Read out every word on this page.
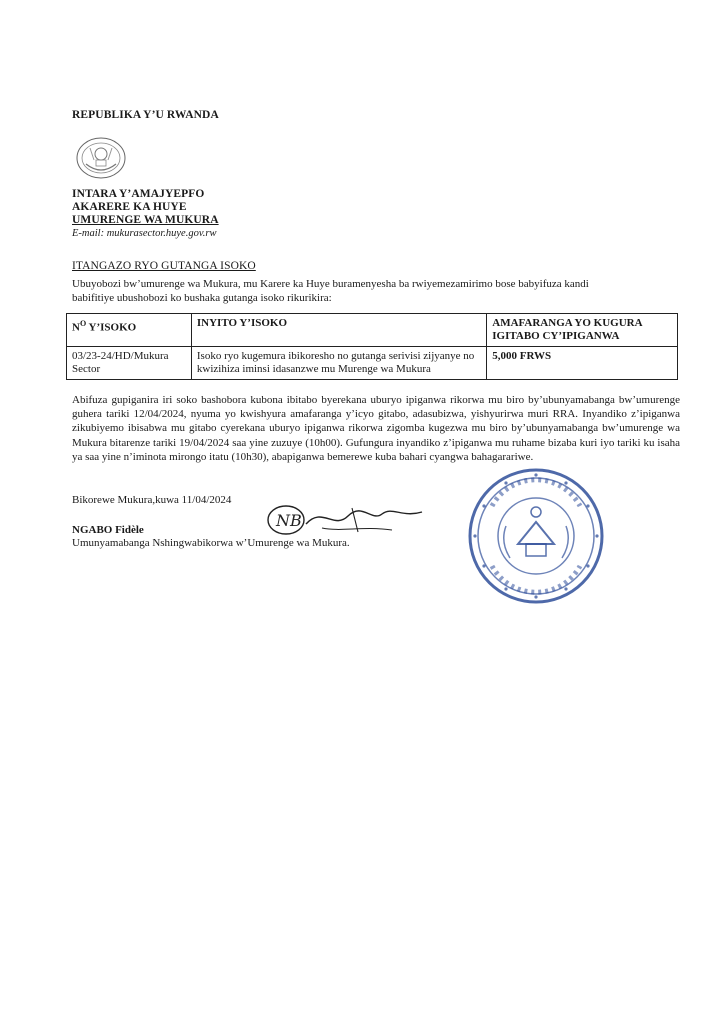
REPUBLIKA Y’U RWANDA
INTARA Y’AMAJYEPFO
AKARERE KA HUYE
UMURENGE WA MUKURA
E-mail: mukurasector.huye.gov.rw
ITANGAZO RYO GUTANGA ISOKO
Ubuyobozi bw’umurenge wa Mukura, mu Karere ka Huye buramenyesha ba rwiyemezamirimo bose babyifuza kandi babifitiye ubushobozi ko bushaka gutanga isoko rikurikira:
$N^O$ Y’ISOKO	INYITO Y’ISOKO	AMAFARANGA YO KUGURA IGITABO CY’IPIGANWA
03/23-24/HD/Mukura Sector	Isoko ryo kugemura ibikoresho no gutanga serivisi zijyanye no kwizihiza iminsi idasanzwe mu Murenge wa Mukura	5,000 FRWS
Abifuza gupiganira iri soko bashobora kubona ibitabo byerekana uburyo ipiganwa rikorwa mu biro by’ubunyamabanga bw’umurenge guhera tariki 12/04/2024, nyuma yo kwishyura amafaranga y’icyo gitabo, adasubizwa, yishyurirwa muri RRA. Inyandiko z’ipiganwa zikubiyemo ibisabwa mu gitabo cyerekana uburyo ipiganwa rikorwa zigomba kugezwa mu biro by’ubunyamabanga bw’umurenge wa Mukura bitarenze tariki 19/04/2024 saa yine zuzuye (10h00). Gufungura inyandiko z’ipiganwa mu ruhame bizaba kuri iyo tariki ku isaha ya saa yine n’iminota mirongo itatu (10h30), abapiganwa bemerewe kuba bahari cyangwa bahagarariwe.
Bikorewe Mukura,kuwa 11/04/2024
NGABO Fidèle
Umunyamabanga Nshingwabikorwa w’Umurenge wa Mukura.
NB
